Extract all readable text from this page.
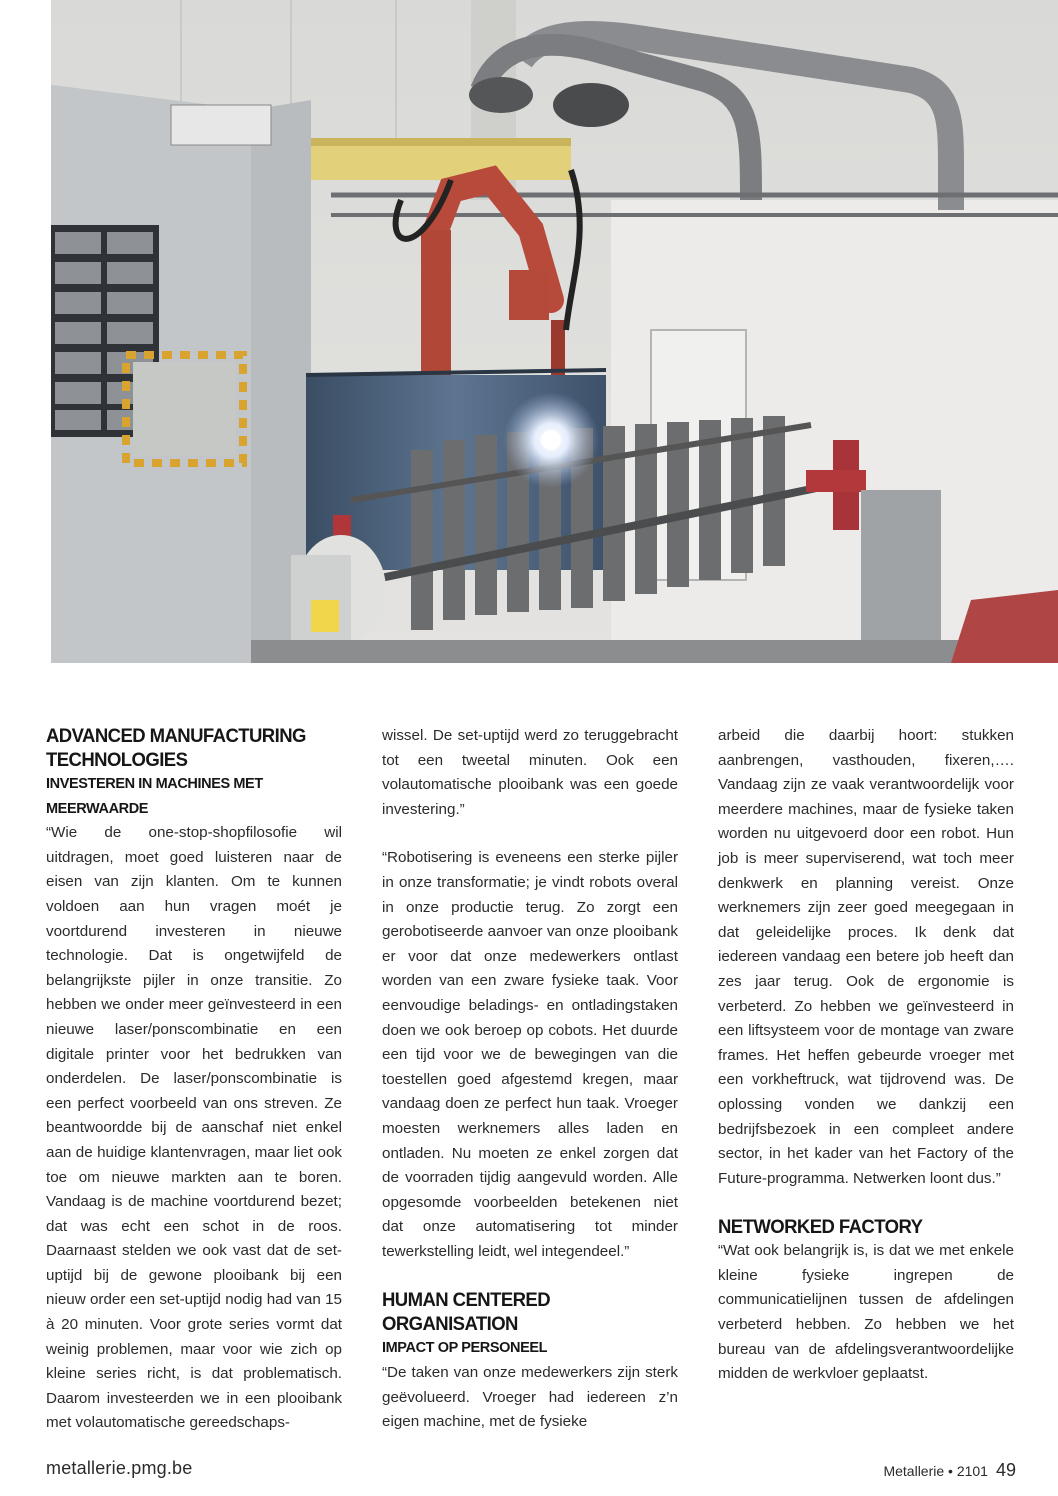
ADVANCED MANUFACTURING
TECHNOLOGIES
INVESTEREN IN MACHINES MET
MEERWAARDE

“Wie de one-stop-shopfilosofie wil uitdragen, moet goed luisteren naar de eisen van zijn klanten. Om te kunnen voldoen aan hun vragen moét je voortdurend investeren in nieuwe technologie. Dat is ongetwijfeld de belangrijkste pijler in onze transitie. Zo hebben we onder meer geïnvesteerd in een nieuwe laser/ponscombinatie en een digitale printer voor het bedrukken van onderdelen. De laser/ponscombinatie is een perfect voorbeeld van ons streven. Ze beantwoordde bij de aanschaf niet enkel aan de huidige klantenvragen, maar liet ook toe om nieuwe markten aan te boren. Vandaag is de machine voortdurend bezet; dat was echt een schot in de roos. Daarnaast stelden we ook vast dat de set-uptijd bij de gewone plooibank bij een nieuw order een set-uptijd nodig had van 15 à 20 minuten. Voor grote series vormt dat weinig problemen, maar voor wie zich op kleine series richt, is dat problematisch. Daarom investeerden we in een plooibank met volautomatische gereedschaps-

wissel. De set-uptijd werd zo teruggebracht tot een tweetal minuten. Ook een volautomatische plooibank was een goede investering.”

“Robotisering is eveneens een sterke pijler in onze transformatie; je vindt robots overal in onze productie terug. Zo zorgt een gerobotiseerde aanvoer van onze plooibank er voor dat onze medewerkers ontlast worden van een zware fysieke taak. Voor eenvoudige beladings- en ontladingstaken doen we ook beroep op cobots. Het duurde een tijd voor we de bewegingen van die toestellen goed afgestemd kregen, maar vandaag doen ze perfect hun taak. Vroeger moesten werknemers alles laden en ontladen. Nu moeten ze enkel zorgen dat de voorraden tijdig aangevuld worden. Alle opgesomde voorbeelden betekenen niet dat onze automatisering tot minder tewerkstelling leidt, wel integendeel.”

HUMAN CENTERED
ORGANISATION
IMPACT OP PERSONEEL

“De taken van onze medewerkers zijn sterk geëvolueerd. Vroeger had iedereen z’n eigen machine, met de fysieke

arbeid die daarbij hoort: stukken aanbrengen, vasthouden, fixeren,…. Vandaag zijn ze vaak verantwoordelijk voor meerdere machines, maar de fysieke taken worden nu uitgevoerd door een robot. Hun job is meer superviserend, wat toch meer denkwerk en planning vereist. Onze werknemers zijn zeer goed meegegaan in dat geleidelijke proces. Ik denk dat iedereen vandaag een betere job heeft dan zes jaar terug. Ook de ergonomie is verbeterd. Zo hebben we geïnvesteerd in een liftsysteem voor de montage van zware frames. Het heffen gebeurde vroeger met een vorkheftruck, wat tijdrovend was. De oplossing vonden we dankzij een bedrijfsbezoek in een compleet andere sector, in het kader van het Factory of the Future-programma. Netwerken loont dus.”

NETWORKED FACTORY

“Wat ook belangrijk is, is dat we met enkele kleine fysieke ingrepen de communicatielijnen tussen de afdelingen verbeterd hebben. Zo hebben we het bureau van de afdelingsverantwoordelijke midden de werkvloer geplaatst.

metallerie.pmg.be	Metallerie • 2101 49
